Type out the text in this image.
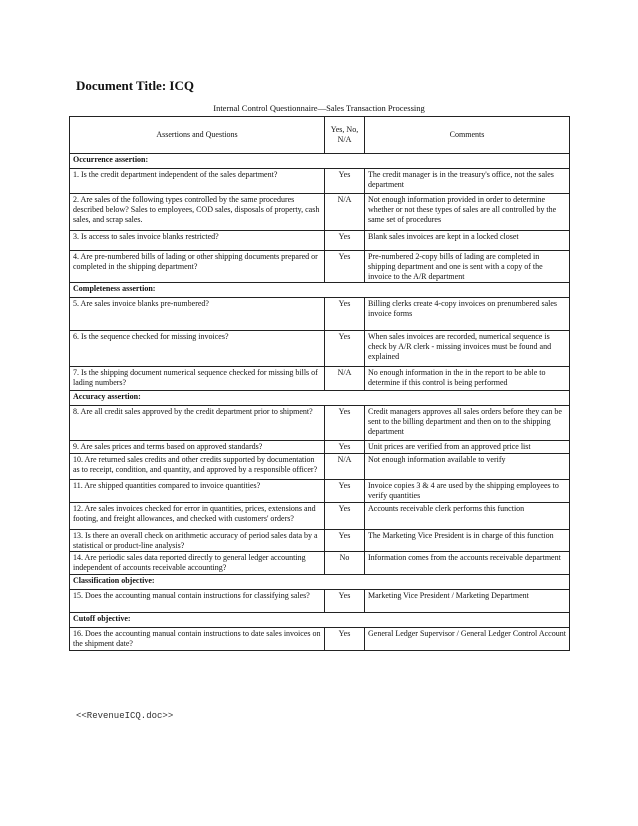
Document Title: ICQ
Internal Control Questionnaire—Sales Transaction Processing
Assertions and Questions	Yes, No, N/A	Comments
Occurrence assertion:		
1. Is the credit department independent of the sales department?	Yes	The credit manager is in the treasury's office, not the sales department
2. Are sales of the following types controlled by the same procedures described below? Sales to employees, COD sales, disposals of property, cash sales, and scrap sales.	N/A	Not enough information provided in order to determine whether or not these types of sales are all controlled by the same set of procedures
3. Is access to sales invoice blanks restricted?	Yes	Blank sales invoices are kept in a locked closet
4. Are pre-numbered bills of lading or other shipping documents prepared or completed in the shipping department?	Yes	Pre-numbered 2-copy bills of lading are completed in shipping department and one is sent with a copy of the invoice to the A/R department
Completeness assertion:		
5. Are sales invoice blanks pre-numbered?	Yes	Billing clerks create 4-copy invoices on prenumbered sales invoice forms
6. Is the sequence checked for missing invoices?	Yes	When sales invoices are recorded, numerical sequence is check by A/R clerk - missing invoices must be found and explained
7. Is the shipping document numerical sequence checked for missing bills of lading numbers?	N/A	No enough information in the in the report to be able to determine if this control is being performed
Accuracy assertion:		
8. Are all credit sales approved by the credit department prior to shipment?	Yes	Credit managers approves all sales orders before they can be sent to the billing department and then on to the shipping department
9. Are sales prices and terms based on approved standards?	Yes	Unit prices are verified from an approved price list
10. Are returned sales credits and other credits supported by documentation as to receipt, condition, and quantity, and approved by a responsible officer?	N/A	Not enough information available to verify
11. Are shipped quantities compared to invoice quantities?	Yes	Invoice copies 3 & 4 are used by the shipping employees to verify quantities
12. Are sales invoices checked for error in quantities, prices, extensions and footing, and freight allowances, and checked with customers' orders?	Yes	Accounts receivable clerk performs this function
13. Is there an overall check on arithmetic accuracy of period sales data by a statistical or product-line analysis?	Yes	The Marketing Vice President is in charge of this function
14. Are periodic sales data reported directly to general ledger accounting independent of accounts receivable accounting?	No	Information comes from the accounts receivable department
Classification objective:		
15. Does the accounting manual contain instructions for classifying sales?	Yes	Marketing Vice President / Marketing Department
Cutoff objective:		
16. Does the accounting manual contain instructions to date sales invoices on the shipment date?	Yes	General Ledger Supervisor / General Ledger Control Account
<<RevenueICQ.doc>>
